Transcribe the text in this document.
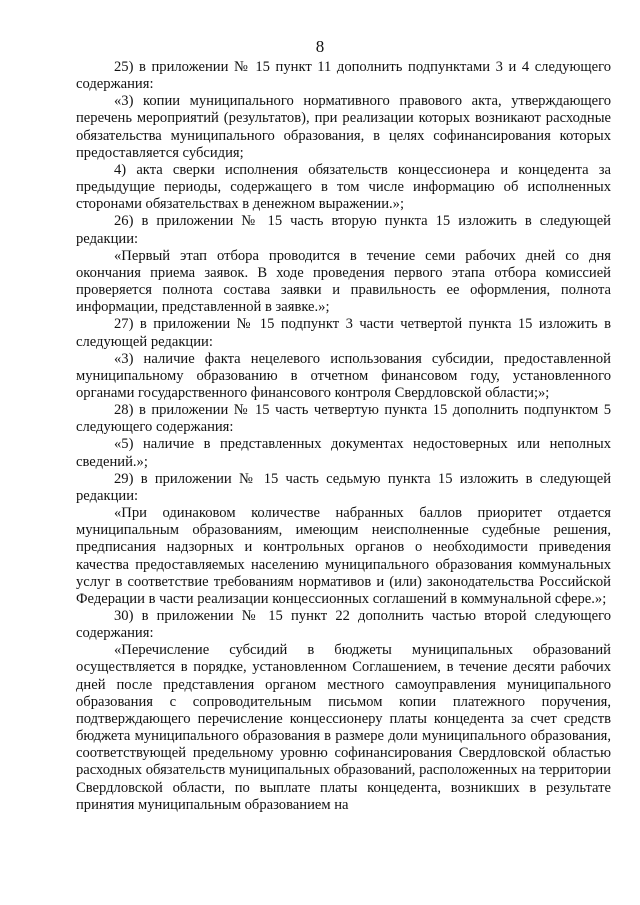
8

25) в приложении № 15 пункт 11 дополнить подпунктами 3 и 4 следующего содержания:

«3) копии муниципального нормативного правового акта, утверждающего перечень мероприятий (результатов), при реализации которых возникают расходные обязательства муниципального образования, в целях софинансирования которых предоставляется субсидия;

4) акта сверки исполнения обязательств концессионера и концедента за предыдущие периоды, содержащего в том числе информацию об исполненных сторонами обязательствах в денежном выражении.»;

26) в приложении № 15 часть вторую пункта 15 изложить в следующей редакции:

«Первый этап отбора проводится в течение семи рабочих дней со дня окончания приема заявок. В ходе проведения первого этапа отбора комиссией проверяется полнота состава заявки и правильность ее оформления, полнота информации, представленной в заявке.»;

27) в приложении № 15 подпункт 3 части четвертой пункта 15 изложить в следующей редакции:

«3) наличие факта нецелевого использования субсидии, предоставленной муниципальному образованию в отчетном финансовом году, установленного органами государственного финансового контроля Свердловской области;»;

28) в приложении № 15 часть четвертую пункта 15 дополнить подпунктом 5 следующего содержания:

«5) наличие в представленных документах недостоверных или неполных сведений.»;

29) в приложении № 15 часть седьмую пункта 15 изложить в следующей редакции:

«При одинаковом количестве набранных баллов приоритет отдается муниципальным образованиям, имеющим неисполненные судебные решения, предписания надзорных и контрольных органов о необходимости приведения качества предоставляемых населению муниципального образования коммунальных услуг в соответствие требованиям нормативов и (или) законодательства Российской Федерации в части реализации концессионных соглашений в коммунальной сфере.»;

30) в приложении № 15 пункт 22 дополнить частью второй следующего содержания:

«Перечисление субсидий в бюджеты муниципальных образований осуществляется в порядке, установленном Соглашением, в течение десяти рабочих дней после представления органом местного самоуправления муниципального образования с сопроводительным письмом копии платежного поручения, подтверждающего перечисление концессионеру платы концедента за счет средств бюджета муниципального образования в размере доли муниципального образования, соответствующей предельному уровню софинансирования Свердловской областью расходных обязательств муниципальных образований, расположенных на территории Свердловской области, по выплате платы концедента, возникших в результате принятия муниципальным образованием на
